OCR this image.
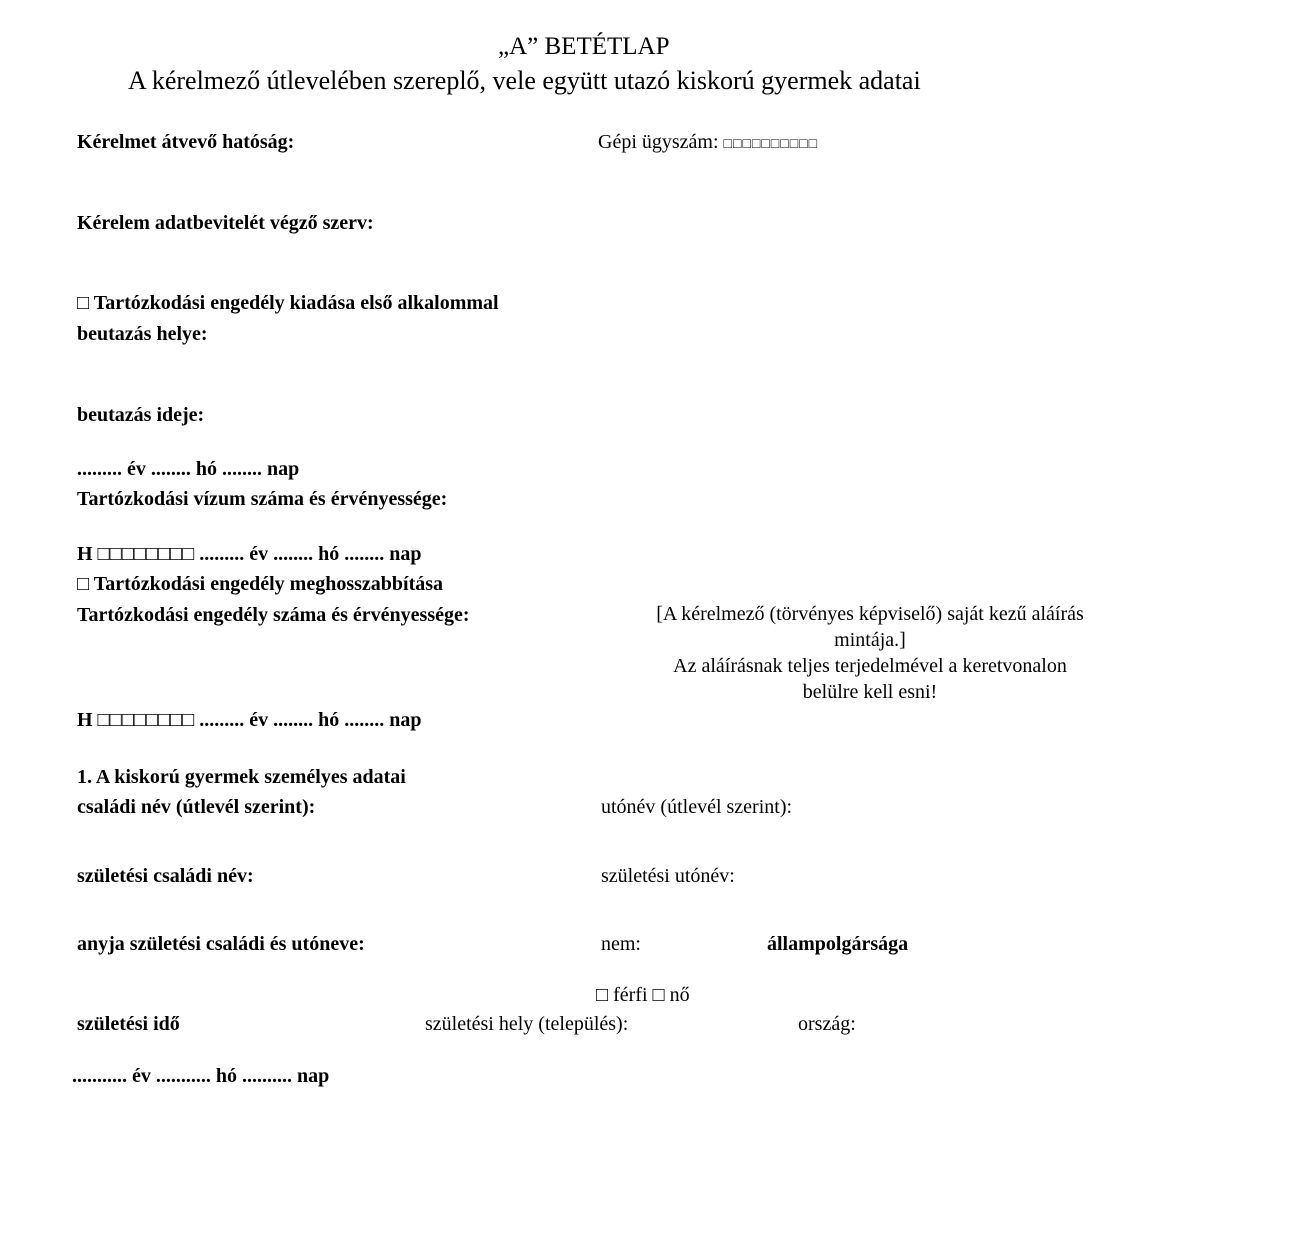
„A” BETÉTLAP
A kérelmező útlevelében szereplő, vele együtt utazó kiskorú gyermek adatai
Kérelmet átvevő hatóság:	Gépi ügyszám: □□□□□□□□□□
Kérelem adatbevitelét végző szerv:
□ Tartózkodási engedély kiadása első alkalommal
beutazás helye:
beutazás ideje:
......... év ........ hó ........ nap
Tartózkodási vízum száma és érvényessége:
H □□□□□□□□ ......... év ........ hó ........ nap
□ Tartózkodási engedély meghosszabbítása
Tartózkodási engedély száma és érvényessége:	[A kérelmező (törvényes képviselő) saját kezű aláírás
mintája.]
Az aláírásnak teljes terjedelmével a keretvonalon
belülre kell esni!
H □□□□□□□□ ......... év ........ hó ........ nap
1. A kiskorú gyermek személyes adatai
családi név (útlevél szerint):	utónév (útlevél szerint):
születési családi név:	születési utónév:
anyja születési családi és utóneve:	nem:	állampolgársága
□ férfi □ nő
születési idő	születési hely (település):	ország:
........... év ........... hó .......... nap
